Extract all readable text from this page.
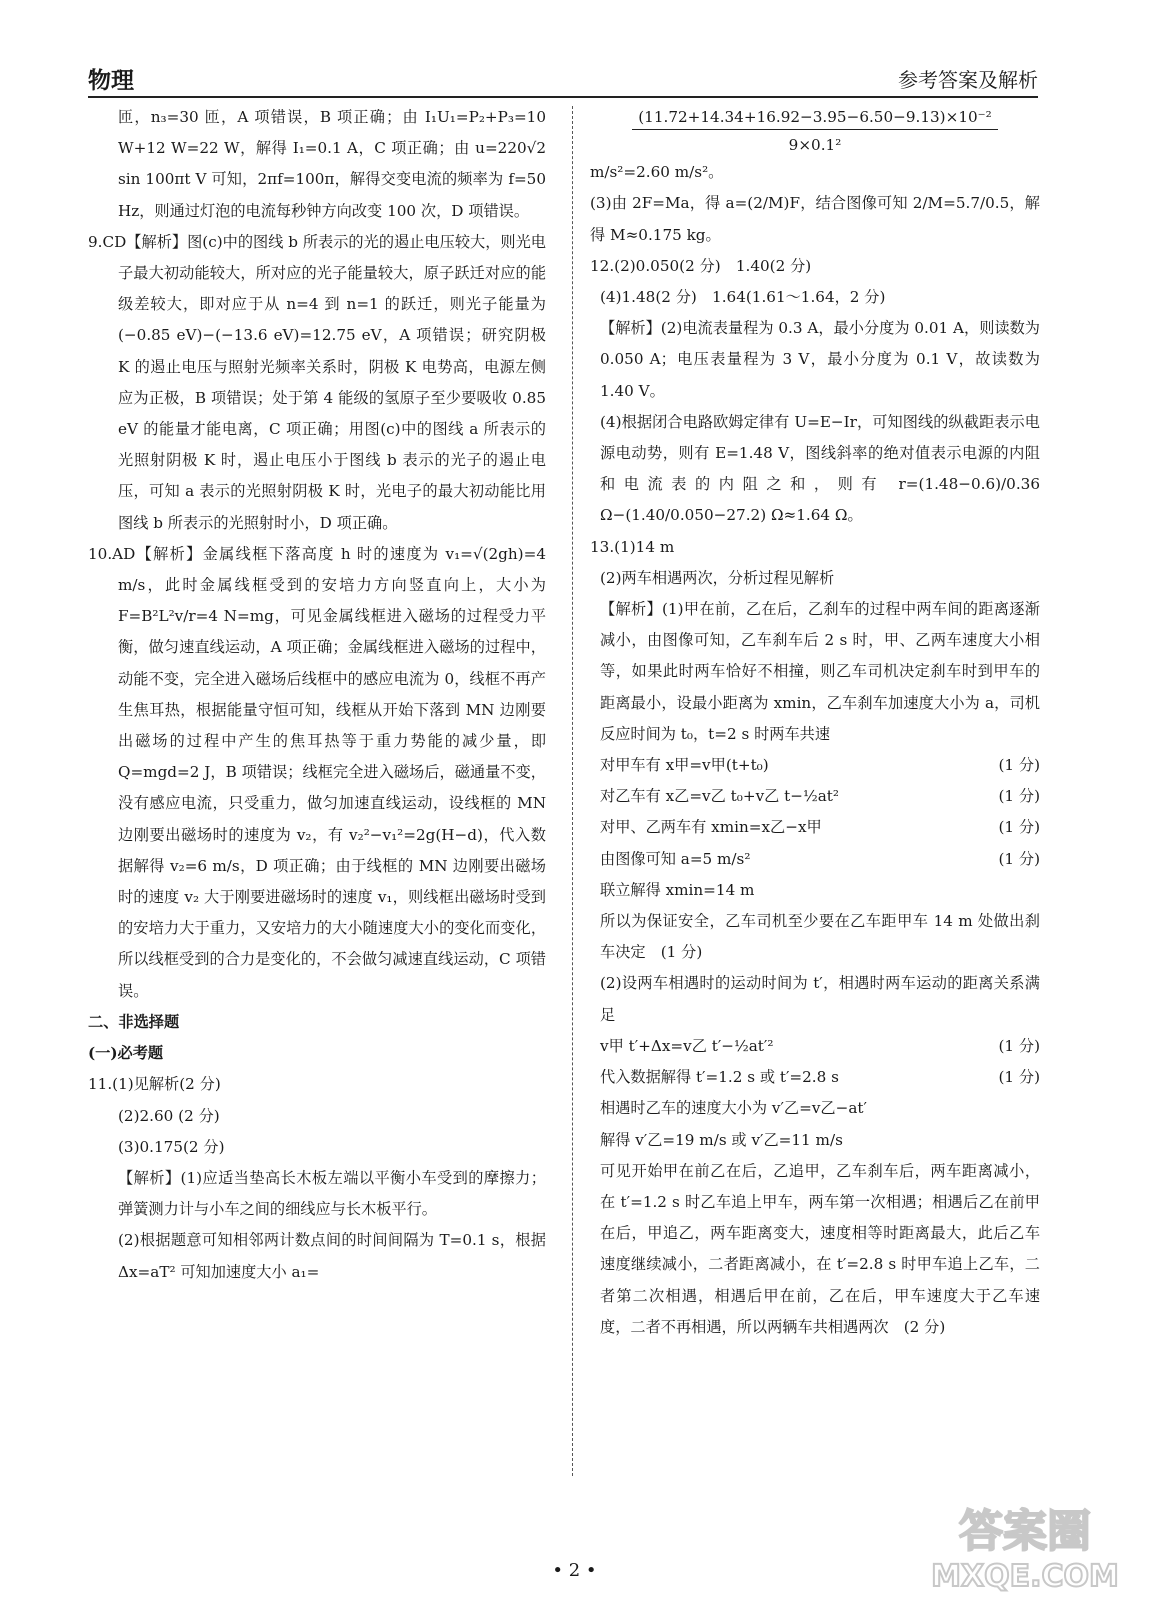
物理	参考答案及解析

匝，n₃=30 匝，A 项错误，B 项正确；由 I₁U₁=P₂+P₃=10 W+12 W=22 W，解得 I₁=0.1 A，C 项正确；由 u=220√2 sin 100πt V 可知，2πf=100π，解得交变电流的频率为 f=50 Hz，则通过灯泡的电流每秒钟方向改变 100 次，D 项错误。

9.CD【解析】图(c)中的图线 b 所表示的光的遏止电压较大，则光电子最大初动能较大，所对应的光子能量较大，原子跃迁对应的能级差较大，即对应于从 n=4 到 n=1 的跃迁，则光子能量为(−0.85 eV)−(−13.6 eV)=12.75 eV，A 项错误；研究阴极 K 的遏止电压与照射光频率关系时，阴极 K 电势高，电源左侧应为正极，B 项错误；处于第 4 能级的氢原子至少要吸收 0.85 eV 的能量才能电离，C 项正确；用图(c)中的图线 a 所表示的光照射阴极 K 时，遏止电压小于图线 b 表示的光子的遏止电压，可知 a 表示的光照射阴极 K 时，光电子的最大初动能比用图线 b 所表示的光照射时小，D 项正确。

10.AD【解析】金属线框下落高度 h 时的速度为 v₁=√(2gh)=4 m/s，此时金属线框受到的安培力方向竖直向上，大小为 F=B²L²v/r=4 N=mg，可见金属线框进入磁场的过程受力平衡，做匀速直线运动，A 项正确；金属线框进入磁场的过程中，动能不变，完全进入磁场后线框中的感应电流为 0，线框不再产生焦耳热，根据能量守恒可知，线框从开始下落到 MN 边刚要出磁场的过程中产生的焦耳热等于重力势能的减少量，即 Q=mgd=2 J，B 项错误；线框完全进入磁场后，磁通量不变，没有感应电流，只受重力，做匀加速直线运动，设线框的 MN 边刚要出磁场时的速度为 v₂，有 v₂²−v₁²=2g(H−d)，代入数据解得 v₂=6 m/s，D 项正确；由于线框的 MN 边刚要出磁场时的速度 v₂ 大于刚要进磁场时的速度 v₁，则线框出磁场时受到的安培力大于重力，又安培力的大小随速度大小的变化而变化，所以线框受到的合力是变化的，不会做匀减速直线运动，C 项错误。

二、非选择题

(一)必考题

11.(1)见解析(2 分)

(2)2.60 (2 分)

(3)0.175(2 分)

【解析】(1)应适当垫高长木板左端以平衡小车受到的摩擦力；弹簧测力计与小车之间的细线应与长木板平行。

(2)根据题意可知相邻两计数点间的时间间隔为 T=0.1 s，根据 Δx=aT² 可知加速度大小 a₁=

(11.72+14.34+16.92−3.95−6.50−9.13)×10⁻²
9×0.1²

m/s²=2.60 m/s²。

(3)由 2F=Ma，得 a=(2/M)F，结合图像可知 2/M=5.7/0.5，解得 M≈0.175 kg。

12.(2)0.050(2 分)　1.40(2 分)

(4)1.48(2 分)　1.64(1.61～1.64，2 分)

【解析】(2)电流表量程为 0.3 A，最小分度为 0.01 A，则读数为 0.050 A；电压表量程为 3 V，最小分度为 0.1 V，故读数为 1.40 V。

(4)根据闭合电路欧姆定律有 U=E−Ir，可知图线的纵截距表示电源电动势，则有 E=1.48 V，图线斜率的绝对值表示电源的内阻和电流表的内阻之和，则有 r=(1.48−0.6)/0.36 Ω−(1.40/0.050−27.2) Ω≈1.64 Ω。

13.(1)14 m

(2)两车相遇两次，分析过程见解析

【解析】(1)甲在前，乙在后，乙刹车的过程中两车间的距离逐渐减小，由图像可知，乙车刹车后 2 s 时，甲、乙两车速度大小相等，如果此时两车恰好不相撞，则乙车司机决定刹车时到甲车的距离最小，设最小距离为 xmin，乙车刹车加速度大小为 a，司机反应时间为 t₀，t=2 s 时两车共速

对甲车有 x甲=v甲(t+t₀)	(1 分)

对乙车有 x乙=v乙 t₀+v乙 t−½at²	(1 分)

对甲、乙两车有 xmin=x乙−x甲	(1 分)

由图像可知 a=5 m/s²	(1 分)

联立解得 xmin=14 m

所以为保证安全，乙车司机至少要在乙车距甲车 14 m 处做出刹车决定　 (1 分)

(2)设两车相遇时的运动时间为 t′，相遇时两车运动的距离关系满足

v甲 t′+Δx=v乙 t′−½at′²	(1 分)

代入数据解得 t′=1.2 s 或 t′=2.8 s	(1 分)

相遇时乙车的速度大小为 v′乙=v乙−at′

解得 v′乙=19 m/s 或 v′乙=11 m/s

可见开始甲在前乙在后，乙追甲，乙车刹车后，两车距离减小，在 t′=1.2 s 时乙车追上甲车，两车第一次相遇；相遇后乙在前甲在后，甲追乙，两车距离变大，速度相等时距离最大，此后乙车速度继续减小，二者距离减小，在 t′=2.8 s 时甲车追上乙车，二者第二次相遇，相遇后甲在前，乙在后，甲车速度大于乙车速度，二者不再相遇，所以两辆车共相遇两次　 (2 分)

• 2 •
答案圈
MXQE.COM
